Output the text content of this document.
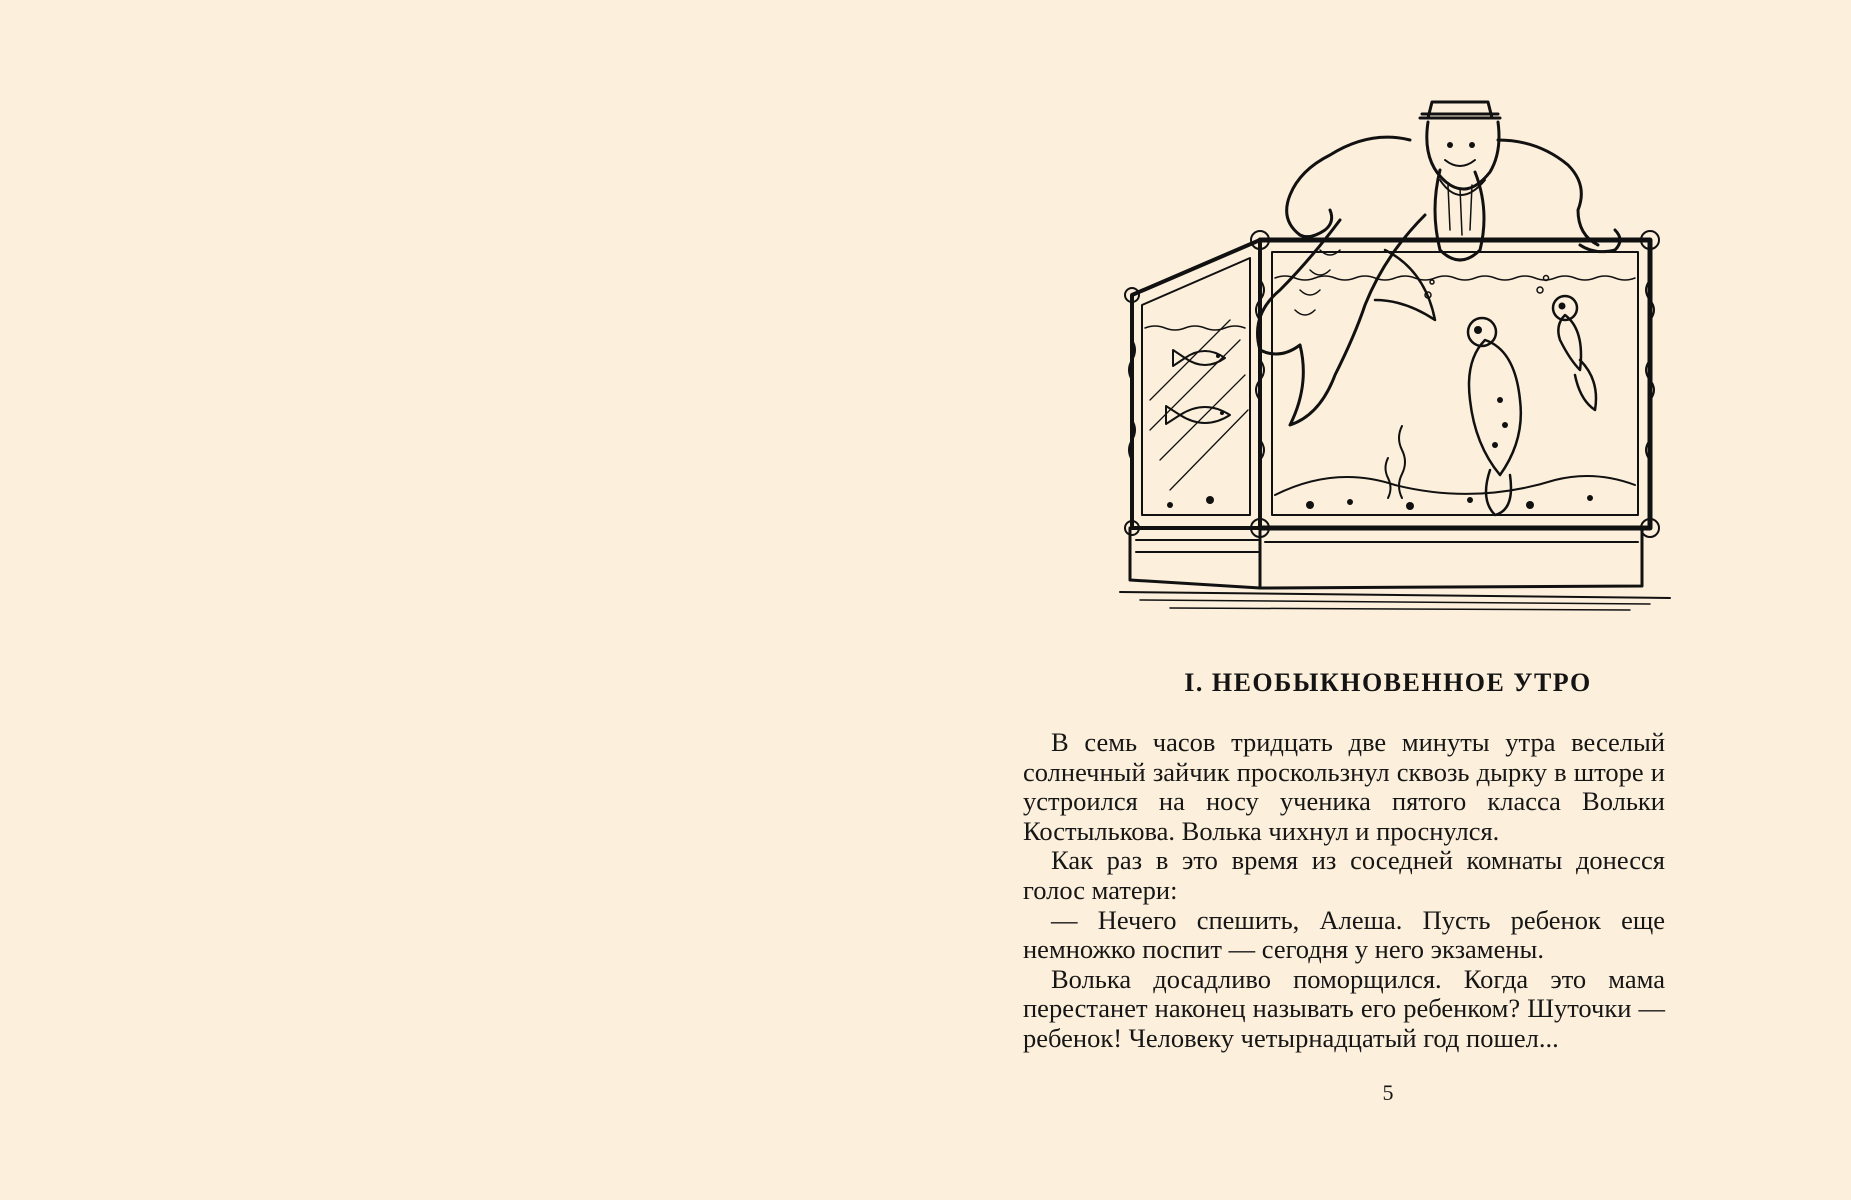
I. НЕОБЫКНОВЕННОЕ УТРО

В семь часов тридцать две минуты утра веселый солнечный зайчик проскользнул сквозь дырку в шторе и устроился на носу ученика пятого класса Вольки Костылькова. Волька чихнул и проснулся.

Как раз в это время из соседней комнаты донесся голос матери:

— Нечего спешить, Алеша. Пусть ребенок еще немножко поспит — сегодня у него экзамены.

Волька досадливо поморщился. Когда это мама перестанет наконец называть его ребенком? Шуточки — ребенок! Человеку четырнадцатый год пошел...

5
